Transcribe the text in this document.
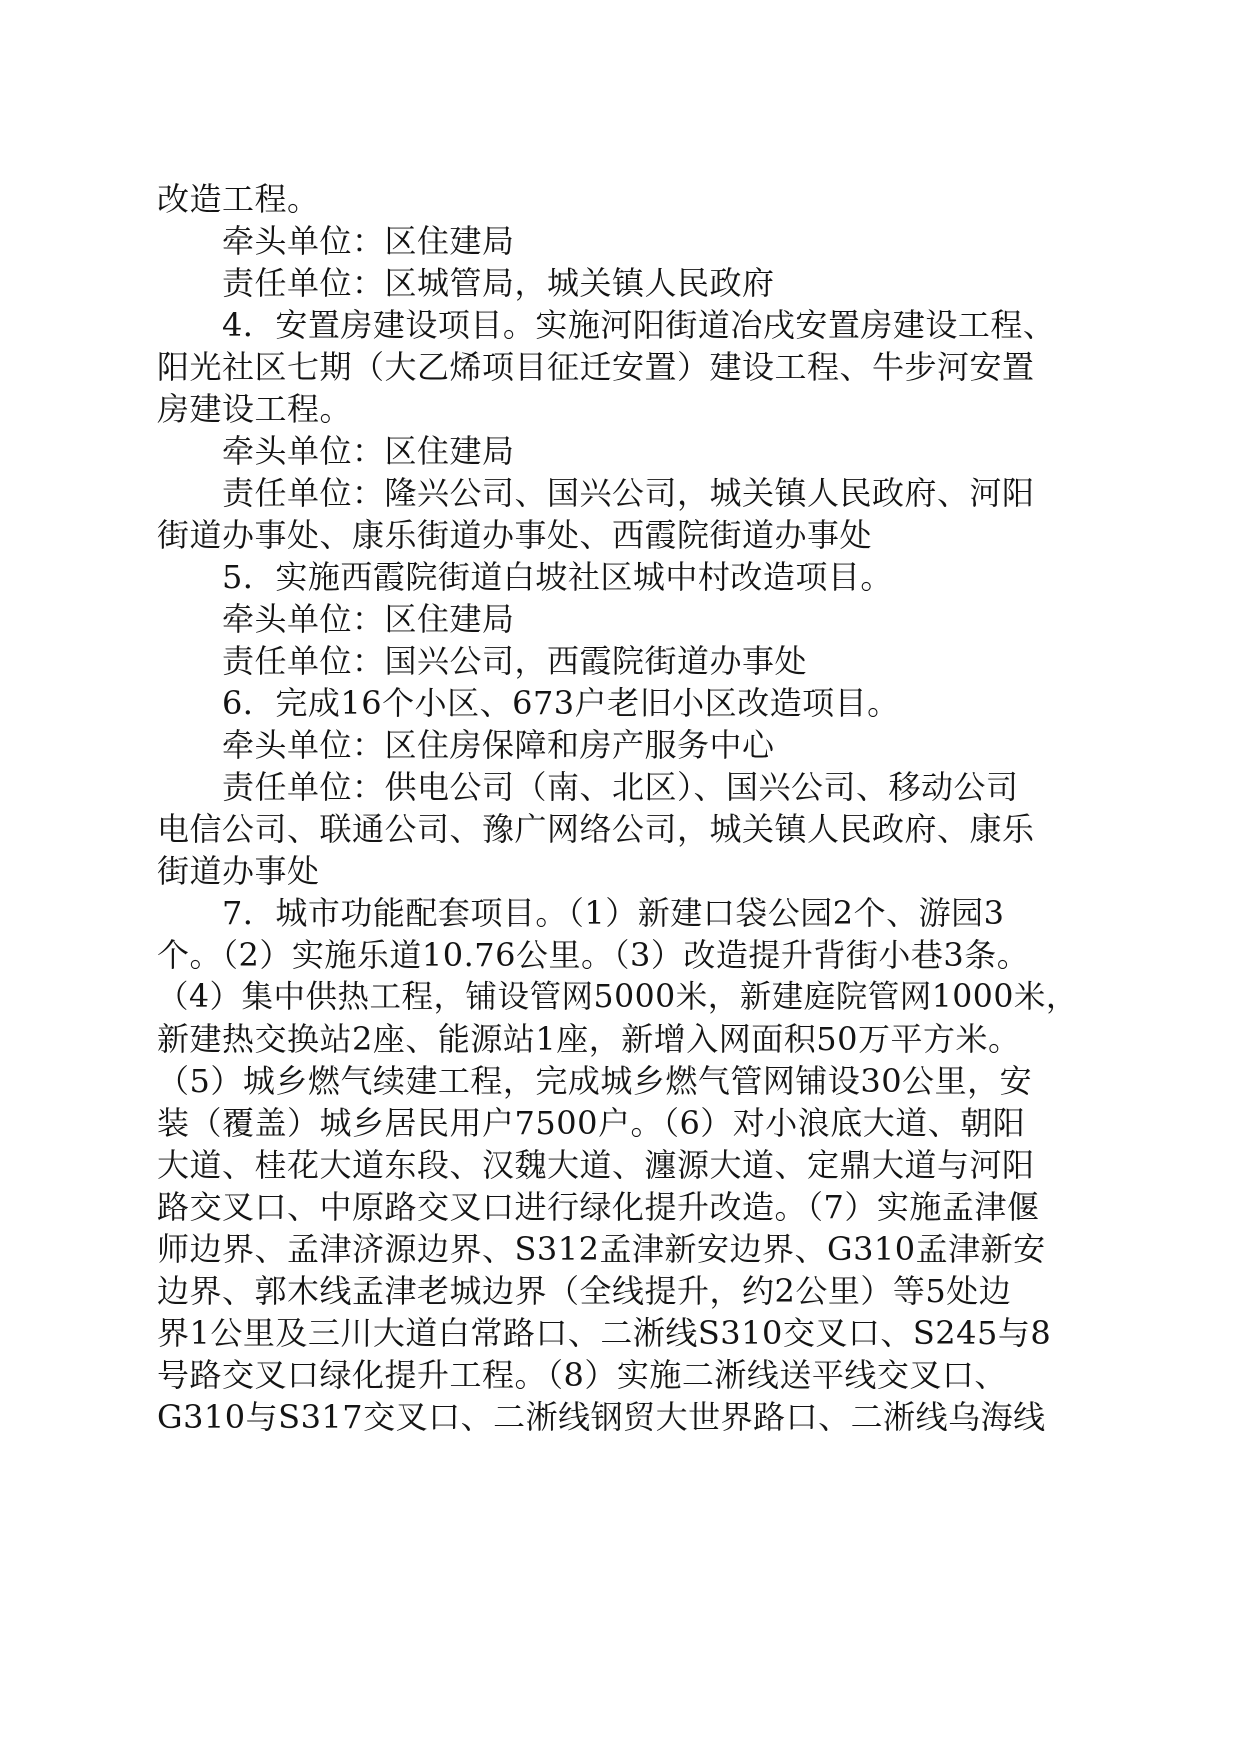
改造工程。
牵头单位：区住建局
责任单位：区城管局，城关镇人民政府
4．安置房建设项目。实施河阳街道冶戌安置房建设工程、
阳光社区七期（大乙烯项目征迁安置）建设工程、牛步河安置
房建设工程。
牵头单位：区住建局
责任单位：隆兴公司、国兴公司，城关镇人民政府、河阳
街道办事处、康乐街道办事处、西霞院街道办事处
5．实施西霞院街道白坡社区城中村改造项目。
牵头单位：区住建局
责任单位：国兴公司，西霞院街道办事处
6．完成16个小区、673户老旧小区改造项目。
牵头单位：区住房保障和房产服务中心
责任单位：供电公司（南、北区）、国兴公司、移动公司
电信公司、联通公司、豫广网络公司，城关镇人民政府、康乐
街道办事处
7．城市功能配套项目。（1）新建口袋公园2个、游园3
个。（2）实施乐道10.76公里。（3）改造提升背街小巷3条。
（4）集中供热工程，铺设管网5000米，新建庭院管网1000米，
新建热交换站2座、能源站1座，新增入网面积50万平方米。
（5）城乡燃气续建工程，完成城乡燃气管网铺设30公里，安
装（覆盖）城乡居民用户7500户。（6）对小浪底大道、朝阳
大道、桂花大道东段、汉魏大道、瀍源大道、定鼎大道与河阳
路交叉口、中原路交叉口进行绿化提升改造。（7）实施孟津偃
师边界、孟津济源边界、S312孟津新安边界、G310孟津新安
边界、郭木线孟津老城边界（全线提升，约2公里）等5处边
界1公里及三川大道白常路口、二淅线S310交叉口、S245与8
号路交叉口绿化提升工程。（8）实施二淅线送平线交叉口、
G310与S317交叉口、二淅线钢贸大世界路口、二淅线乌海线
